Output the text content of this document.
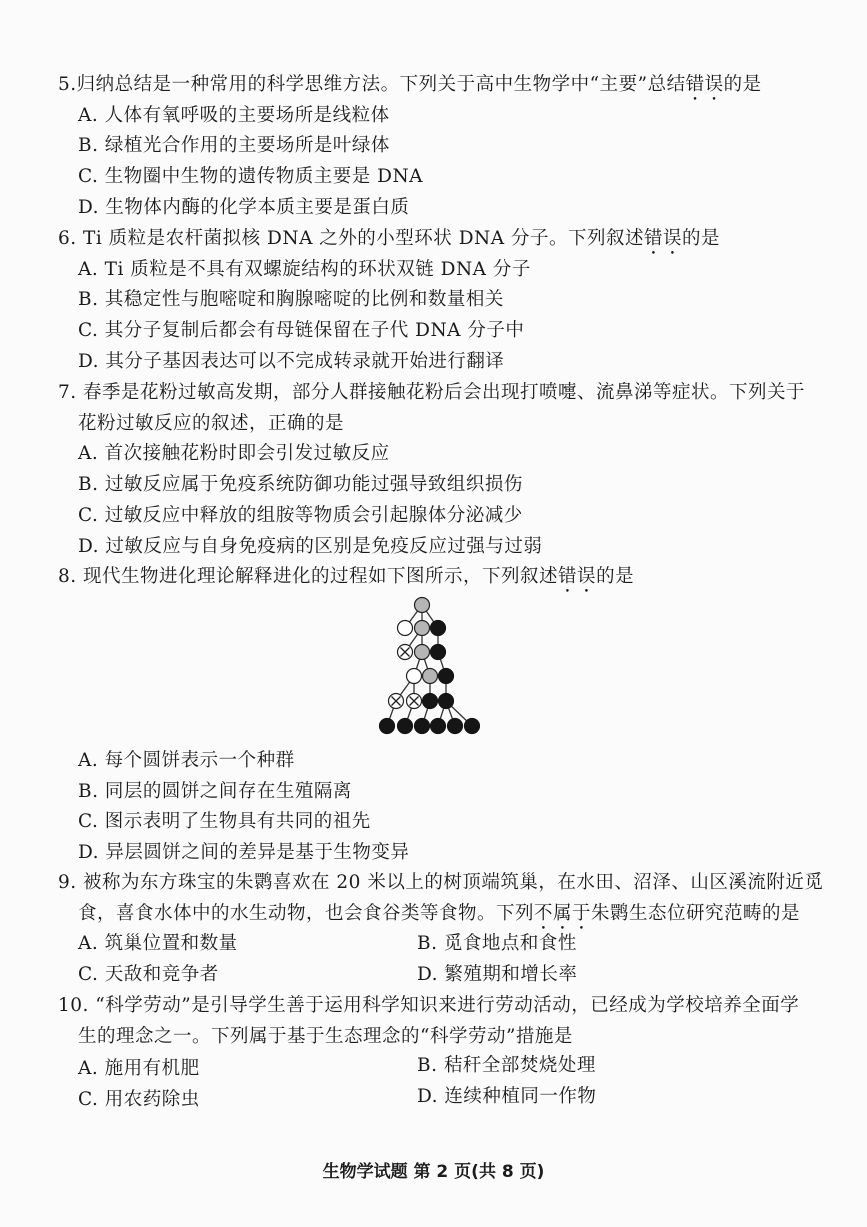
5.归纳总结是一种常用的科学思维方法。下列关于高中生物学中“主要”总结错误的是
A. 人体有氧呼吸的主要场所是线粒体
B. 绿植光合作用的主要场所是叶绿体
C. 生物圈中生物的遗传物质主要是 DNA
D. 生物体内酶的化学本质主要是蛋白质
6. Ti 质粒是农杆菌拟核 DNA 之外的小型环状 DNA 分子。下列叙述错误的是
A. Ti 质粒是不具有双螺旋结构的环状双链 DNA 分子
B. 其稳定性与胞嘧啶和胸腺嘧啶的比例和数量相关
C. 其分子复制后都会有母链保留在子代 DNA 分子中
D. 其分子基因表达可以不完成转录就开始进行翻译
7. 春季是花粉过敏高发期，部分人群接触花粉后会出现打喷嚏、流鼻涕等症状。下列关于
花粉过敏反应的叙述，正确的是
A. 首次接触花粉时即会引发过敏反应
B. 过敏反应属于免疫系统防御功能过强导致组织损伤
C. 过敏反应中释放的组胺等物质会引起腺体分泌减少
D. 过敏反应与自身免疫病的区别是免疫反应过强与过弱
8. 现代生物进化理论解释进化的过程如下图所示，下列叙述错误的是
A. 每个圆饼表示一个种群
B. 同层的圆饼之间存在生殖隔离
C. 图示表明了生物具有共同的祖先
D. 异层圆饼之间的差异是基于生物变异
9. 被称为东方珠宝的朱鹮喜欢在 20 米以上的树顶端筑巢，在水田、沼泽、山区溪流附近觅
食，喜食水体中的水生动物，也会食谷类等食物。下列不属于朱鹮生态位研究范畴的是
A. 筑巢位置和数量	B. 觅食地点和食性
C. 天敌和竞争者	D. 繁殖期和增长率
10. “科学劳动”是引导学生善于运用科学知识来进行劳动活动，已经成为学校培养全面学
生的理念之一。下列属于基于生态理念的“科学劳动”措施是
A. 施用有机肥	B. 秸秆全部焚烧处理
C. 用农药除虫	D. 连续种植同一作物
生物学试题 第 2 页(共 8 页)
